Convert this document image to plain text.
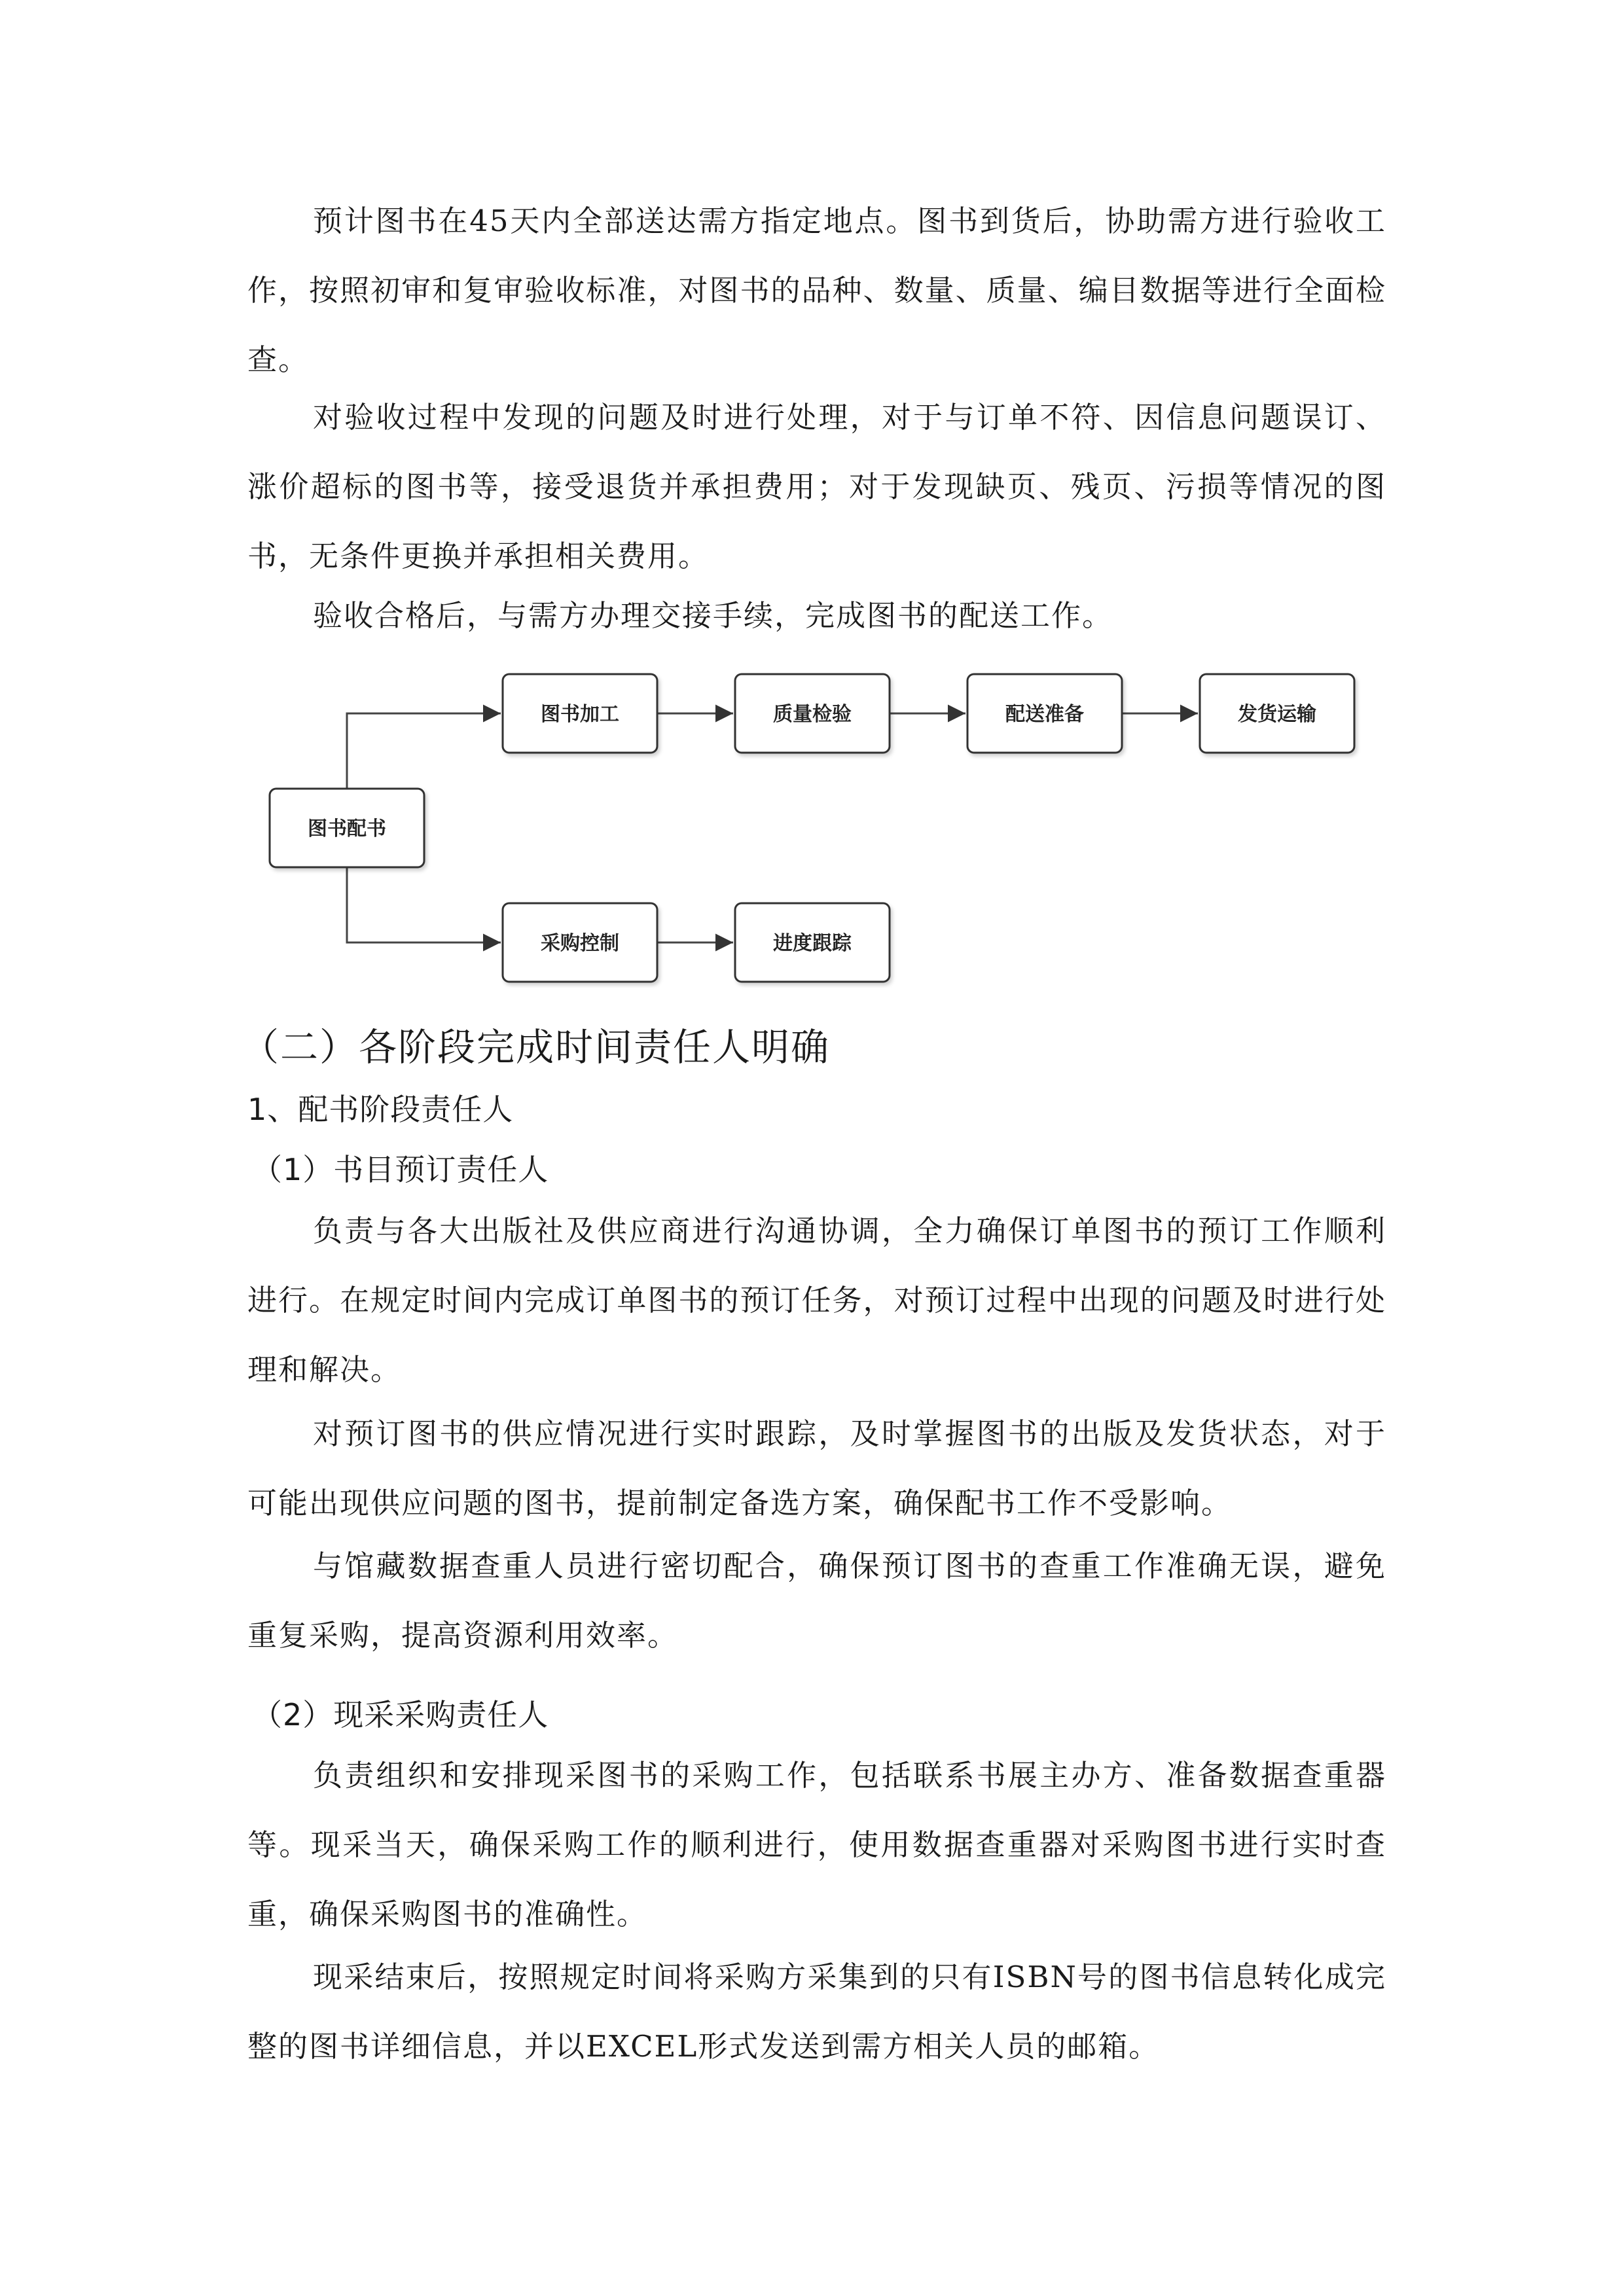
预计图书在45天内全部送达需方指定地点。图书到货后，协助需方进行验收工作，按照初审和复审验收标准，对图书的品种、数量、质量、编目数据等进行全面检查。

对验收过程中发现的问题及时进行处理，对于与订单不符、因信息问题误订、涨价超标的图书等，接受退货并承担费用；对于发现缺页、残页、污损等情况的图书，无条件更换并承担相关费用。

验收合格后，与需方办理交接手续，完成图书的配送工作。

图书配书
图书加工	质量检验	配送准备	发货运输
采购控制	进度跟踪
（二）各阶段完成时间责任人明确
1、配书阶段责任人
（1）书目预订责任人

负责与各大出版社及供应商进行沟通协调，全力确保订单图书的预订工作顺利进行。在规定时间内完成订单图书的预订任务，对预订过程中出现的问题及时进行处理和解决。

对预订图书的供应情况进行实时跟踪，及时掌握图书的出版及发货状态，对于可能出现供应问题的图书，提前制定备选方案，确保配书工作不受影响。

与馆藏数据查重人员进行密切配合，确保预订图书的查重工作准确无误，避免重复采购，提高资源利用效率。

（2）现采采购责任人

负责组织和安排现采图书的采购工作，包括联系书展主办方、准备数据查重器等。现采当天，确保采购工作的顺利进行，使用数据查重器对采购图书进行实时查重，确保采购图书的准确性。

现采结束后，按照规定时间将采购方采集到的只有ISBN号的图书信息转化成完整的图书详细信息，并以EXCEL形式发送到需方相关人员的邮箱。
